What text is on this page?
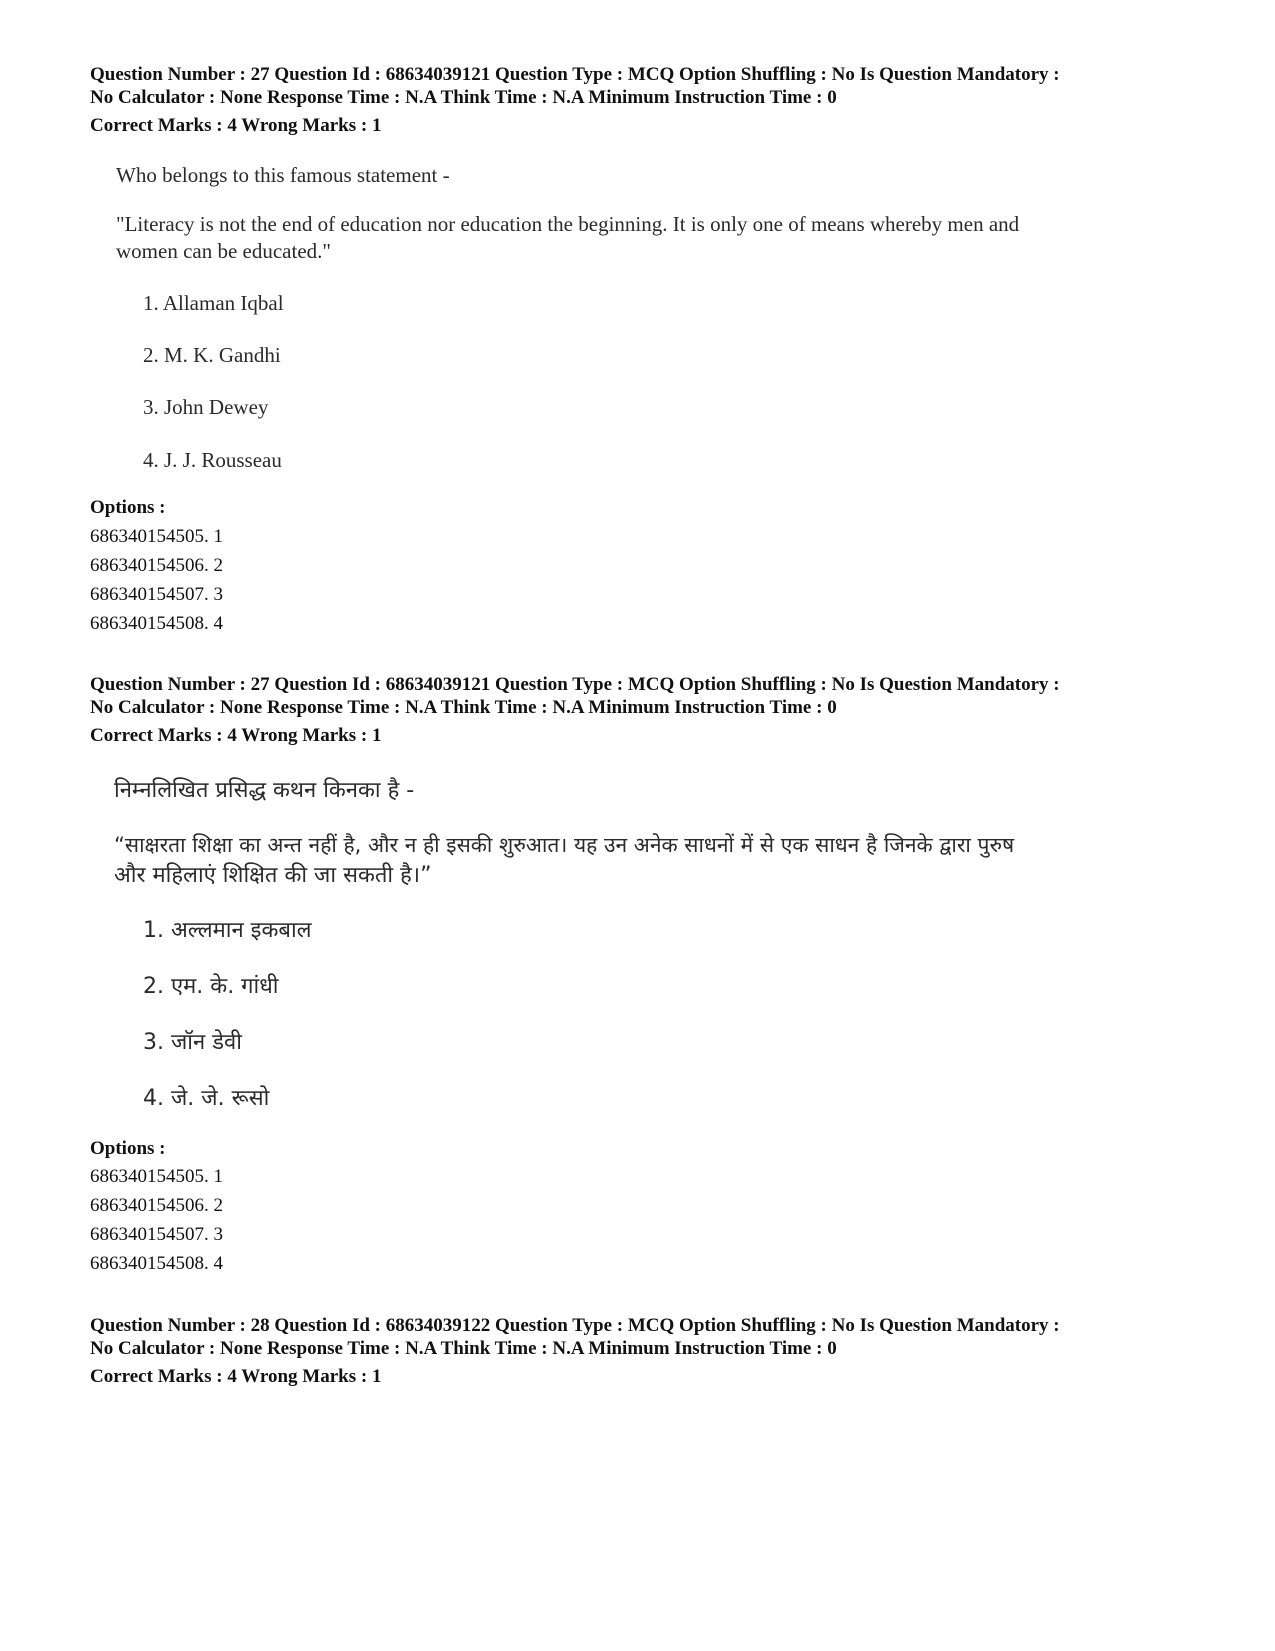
Question Number : 27 Question Id : 68634039121 Question Type : MCQ Option Shuffling : No Is Question Mandatory :
No Calculator : None Response Time : N.A Think Time : N.A Minimum Instruction Time : 0
Correct Marks : 4 Wrong Marks : 1
Who belongs to this famous statement -
"Literacy is not the end of education nor education the beginning. It is only one of means whereby men and
women can be educated."
1. Allaman Iqbal
2. M. K. Gandhi
3. John Dewey
4. J. J. Rousseau
Options :
686340154505. 1
686340154506. 2
686340154507. 3
686340154508. 4
Question Number : 27 Question Id : 68634039121 Question Type : MCQ Option Shuffling : No Is Question Mandatory :
No Calculator : None Response Time : N.A Think Time : N.A Minimum Instruction Time : 0
Correct Marks : 4 Wrong Marks : 1
निम्नलिखित प्रसिद्ध कथन किनका है -
“साक्षरता शिक्षा का अन्त नहीं है, और न ही इसकी शुरुआत। यह उन अनेक साधनों में से एक साधन है जिनके द्वारा पुरुष
और महिलाएं शिक्षित की जा सकती है।”
1. अल्लमान इकबाल
2. एम. के. गांधी
3. जॉन डेवी
4. जे. जे. रूसो
Options :
686340154505. 1
686340154506. 2
686340154507. 3
686340154508. 4
Question Number : 28 Question Id : 68634039122 Question Type : MCQ Option Shuffling : No Is Question Mandatory :
No Calculator : None Response Time : N.A Think Time : N.A Minimum Instruction Time : 0
Correct Marks : 4 Wrong Marks : 1
